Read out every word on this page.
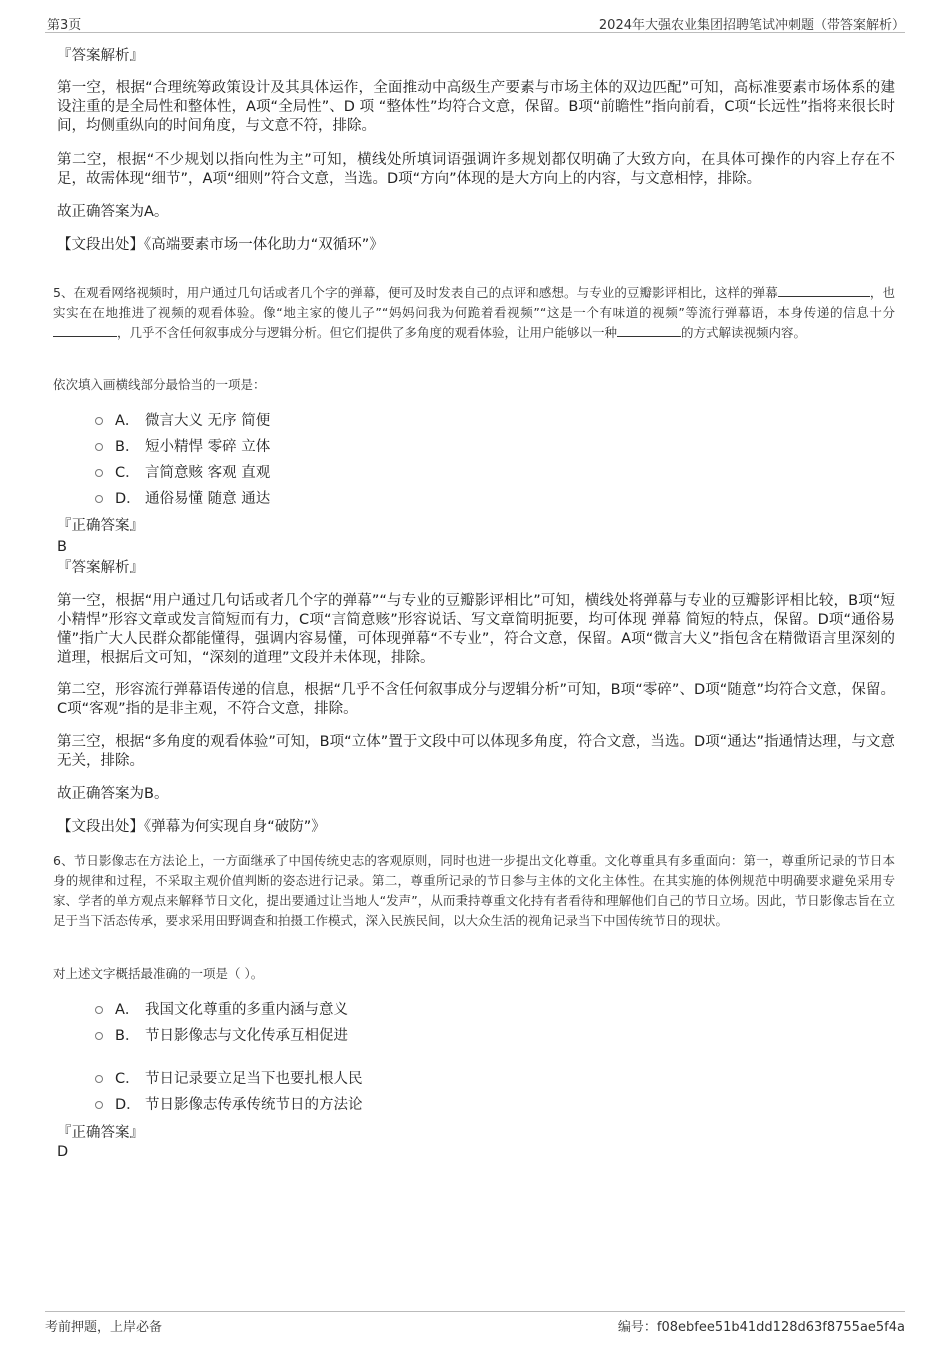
第3页	2024年大强农业集团招聘笔试冲刺题（带答案解析）
『答案解析』
第一空，根据“合理统筹政策设计及其具体运作，全面推动中高级生产要素与市场主体的双边匹配”可知，高标准要素市场体系的建设注重的是全局性和整体性，A项“全局性”、D 项 “整体性”均符合文意，保留。B项“前瞻性”指向前看，C项“长远性”指将来很长时间，均侧重纵向的时间角度，与文意不符，排除。
第二空，根据“不少规划以指向性为主”可知，横线处所填词语强调许多规划都仅明确了大致方向，在具体可操作的内容上存在不足，故需体现“细节”，A项“细则”符合文意，当选。D项“方向”体现的是大方向上的内容，与文意相悖，排除。
故正确答案为A。
【文段出处】《高端要素市场一体化助力“双循环”》
5、在观看网络视频时，用户通过几句话或者几个字的弹幕，便可及时发表自己的点评和感想。与专业的豆瓣影评相比，这样的弹幕	，也实实在在地推进了视频的观看体验。像“地主家的傻儿子”“妈妈问我为何跪着看视频”“这是一个有味道的视频”等流行弹幕语，本身传递的信息十分，几乎不含任何叙事成分与逻辑分析。但它们提供了多角度的观看体验，让用户能够以一种	的方式解读视频内容。
依次填入画横线部分最恰当的一项是：
A． 微言大义 无序 简便
B． 短小精悍 零碎 立体
C． 言简意赅 客观 直观
D． 通俗易懂 随意 通达
『正确答案』
B
『答案解析』
第一空，根据“用户通过几句话或者几个字的弹幕”“与专业的豆瓣影评相比”可知，横线处将弹幕与专业的豆瓣影评相比较，B项“短小精悍”形容文章或发言简短而有力，C项“言简意赅”形容说话、写文章简明扼要，均可体现 弹幕 简短的特点，保留。D项“通俗易懂”指广大人民群众都能懂得，强调内容易懂，可体现弹幕“不专业”，符合文意，保留。A项“微言大义”指包含在精微语言里深刻的道理，根据后文可知，“深刻的道理”文段并未体现，排除。
第二空，形容流行弹幕语传递的信息，根据“几乎不含任何叙事成分与逻辑分析”可知，B项“零碎”、D项“随意”均符合文意，保留。C项“客观”指的是非主观，不符合文意，排除。
第三空，根据“多角度的观看体验”可知，B项“立体”置于文段中可以体现多角度，符合文意，当选。D项“通达”指通情达理，与文意无关，排除。
故正确答案为B。
【文段出处】《弹幕为何实现自身“破防”》
6、节日影像志在方法论上，一方面继承了中国传统史志的客观原则，同时也进一步提出文化尊重。文化尊重具有多重面向：第一，尊重所记录的节日本身的规律和过程，不采取主观价值判断的姿态进行记录。第二，尊重所记录的节日参与主体的文化主体性。在其实施的体例规范中明确要求避免采用专家、学者的单方观点来解释节日文化，提出要通过让当地人“发声”，从而秉持尊重文化持有者看待和理解他们自己的节日立场。因此，节日影像志旨在立足于当下活态传承，要求采用田野调查和拍摄工作模式，深入民族民间，以大众生活的视角记录当下中国传统节日的现状。
对上述文字概括最准确的一项是（ ）。
A． 我国文化尊重的多重内涵与意义
B． 节日影像志与文化传承互相促进
C． 节日记录要立足当下也要扎根人民
D． 节日影像志传承传统节日的方法论
『正确答案』
D
考前押题，上岸必备	编号：f08ebfee51b41dd128d63f8755ae5f4a
